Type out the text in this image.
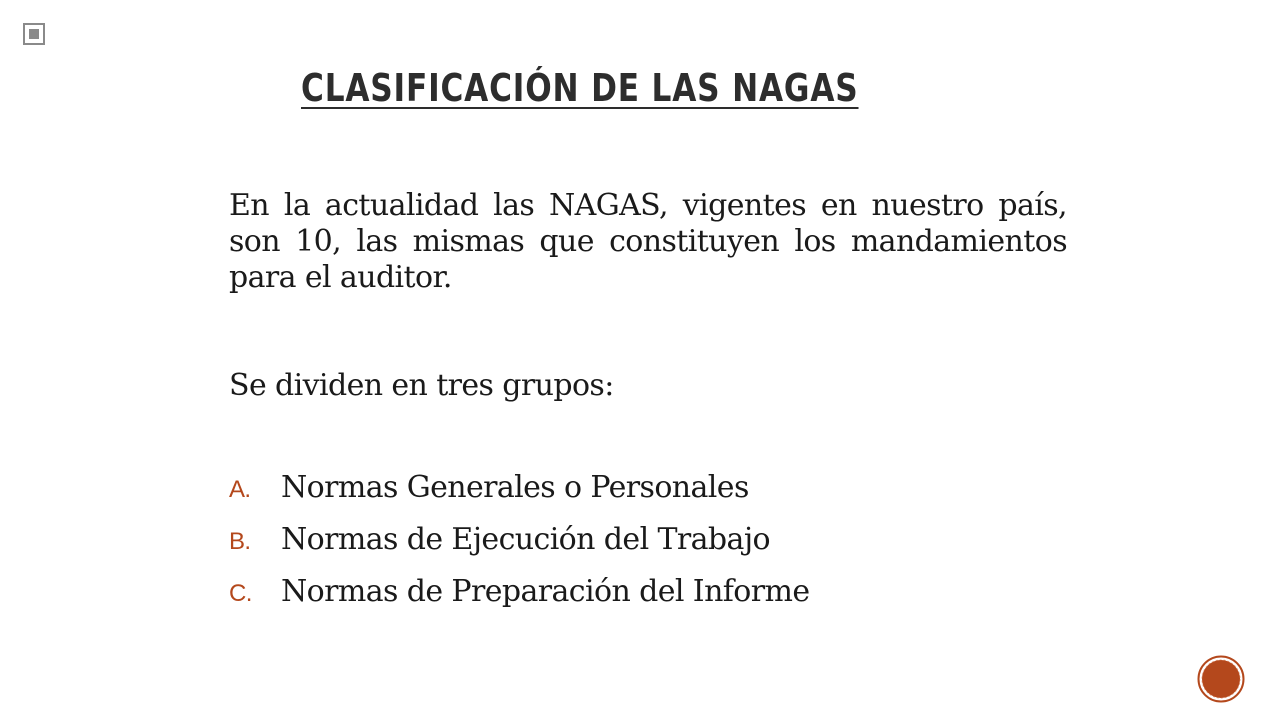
CLASIFICACIÓN DE LAS NAGAS

En la actualidad las NAGAS, vigentes en nuestro país, son 10, las mismas que constituyen los mandamientos para el auditor.

Se dividen en tres grupos:

A.	Normas Generales o Personales
B.	Normas de Ejecución del Trabajo
C. Normas de Preparación del Informe
